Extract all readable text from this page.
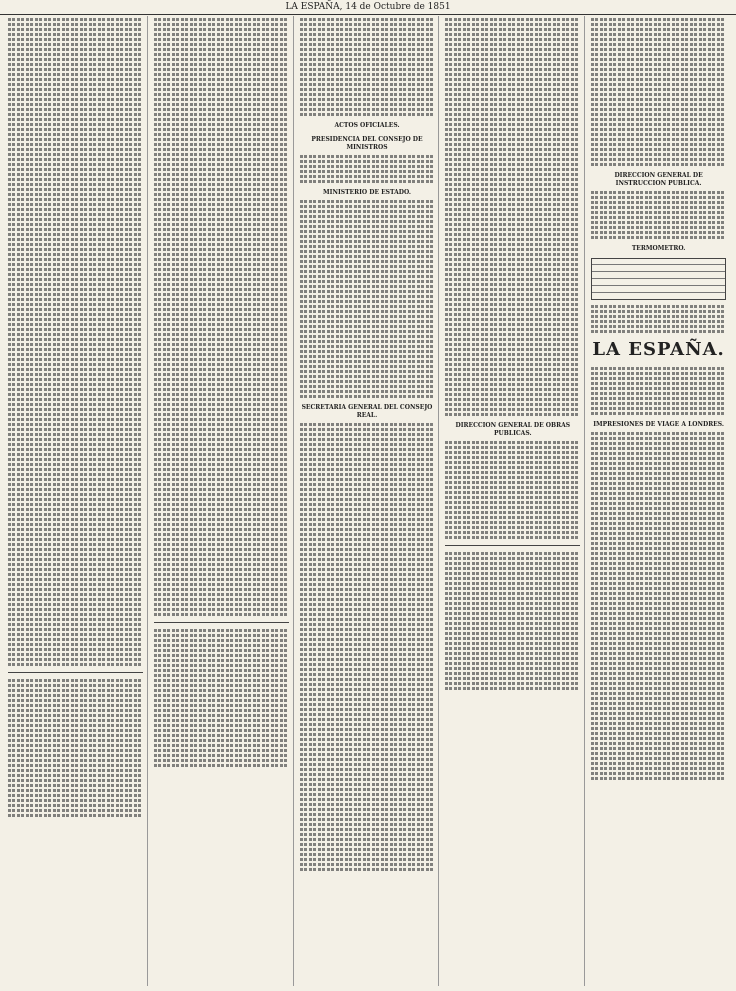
LA ESPAÑA, 14 de Octubre de 1851
ACTOS OFICIALES.
PRESIDENCIA DEL CONSEJO DE MINISTROS
MINISTERIO DE ESTADO.
SECRETARIA GENERAL DEL CONSEJO REAL.
DIRECCION GENERAL DE OBRAS PUBLICAS.
DIRECCION GENERAL DE INSTRUCCION PUBLICA.
TERMOMETRO.
LA ESPAÑA.
IMPRESIONES DE VIAGE A LONDRES.
